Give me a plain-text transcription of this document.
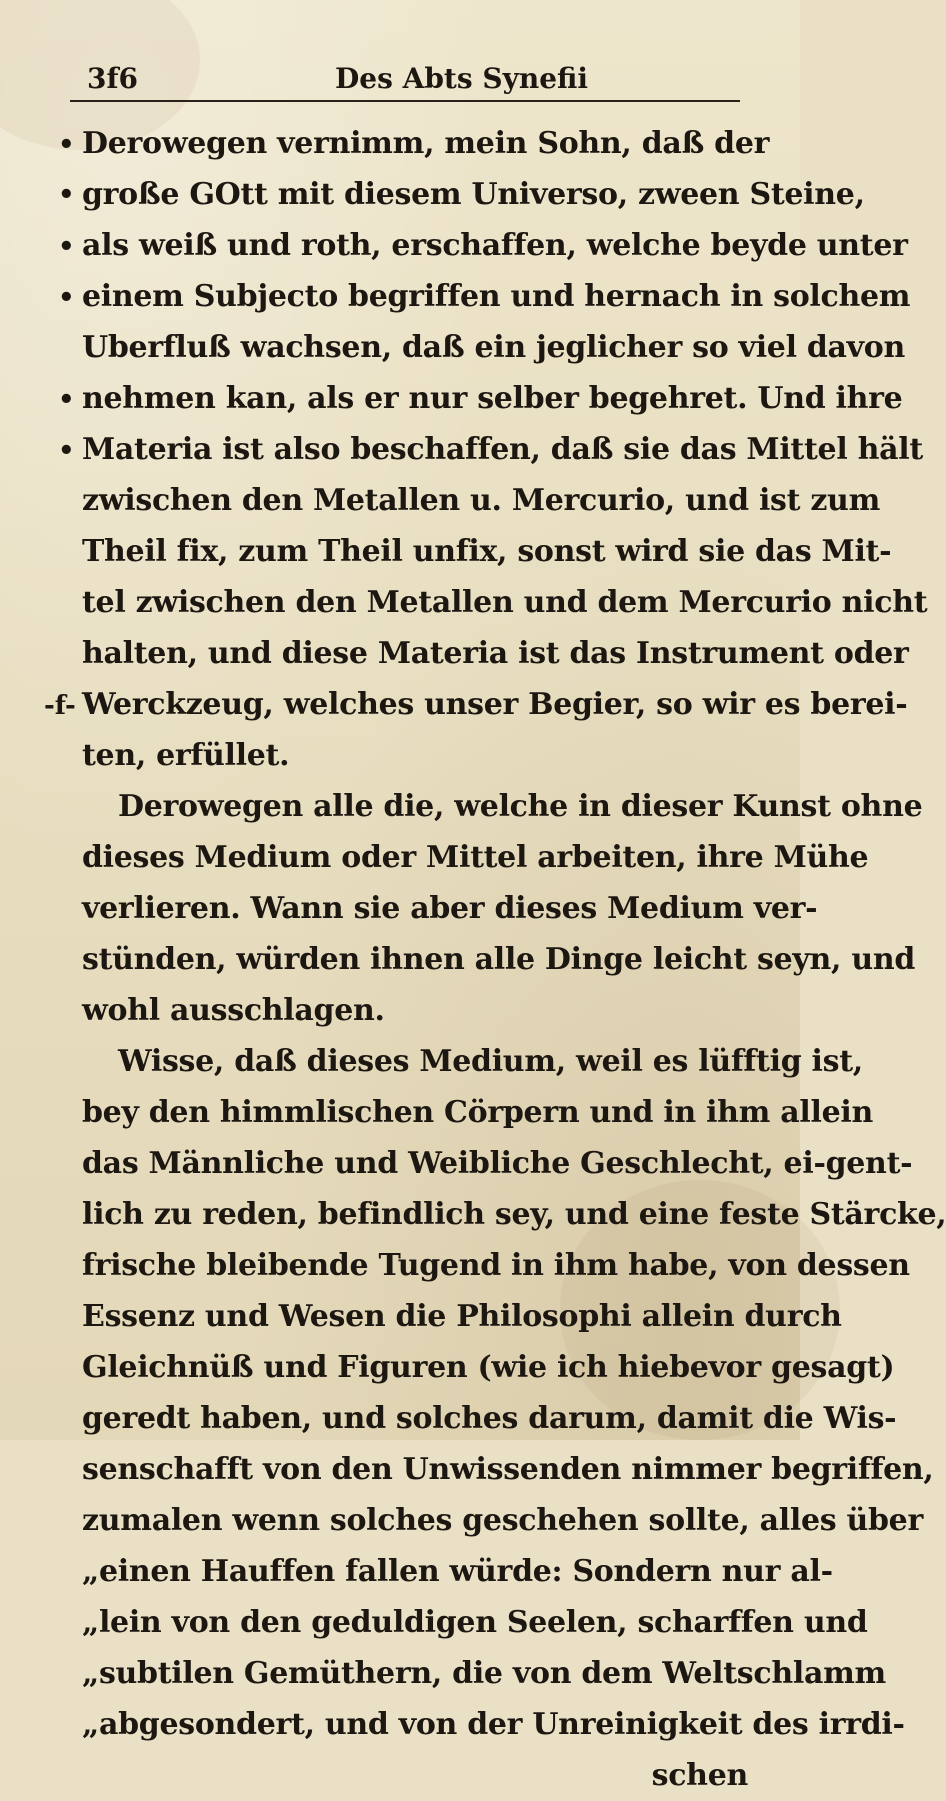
3f6	Des Abts Synefii
•
•
•
•
•
•
-f-
Derowegen vernimm, mein Sohn, daß der
große GOtt mit diesem Universo, zween Steine,
als weiß und roth, erschaffen, welche beyde unter
einem Subjecto begriffen und hernach in solchem
Uberfluß wachsen, daß ein jeglicher so viel davon
nehmen kan, als er nur selber begehret. Und ihre
Materia ist also beschaffen, daß sie das Mittel hält
zwischen den Metallen u. Mercurio, und ist zum
Theil fix, zum Theil unfix, sonst wird sie das Mit-
tel zwischen den Metallen und dem Mercurio nicht
halten, und diese Materia ist das Instrument oder
Werckzeug, welches unser Begier, so wir es berei-
ten, erfüllet.
Derowegen alle die, welche in dieser Kunst ohne
dieses Medium oder Mittel arbeiten, ihre Mühe
verlieren. Wann sie aber dieses Medium ver-
stünden, würden ihnen alle Dinge leicht seyn, und
wohl ausschlagen.
Wisse, daß dieses Medium, weil es lüfftig ist,
bey den himmlischen Cörpern und in ihm allein
das Männliche und Weibliche Geschlecht, ei-gent-
lich zu reden, befindlich sey, und eine feste Stärcke,
frische bleibende Tugend in ihm habe, von dessen
Essenz und Wesen die Philosophi allein durch
Gleichnüß und Figuren (wie ich hiebevor gesagt)
geredt haben, und solches darum, damit die Wis-
senschafft von den Unwissenden nimmer begriffen,
zumalen wenn solches geschehen sollte, alles über
„einen Hauffen fallen würde: Sondern nur al-
„lein von den geduldigen Seelen, scharffen und
„subtilen Gemüthern, die von dem Weltschlamm
„abgesondert, und von der Unreinigkeit des irrdi-
schen
